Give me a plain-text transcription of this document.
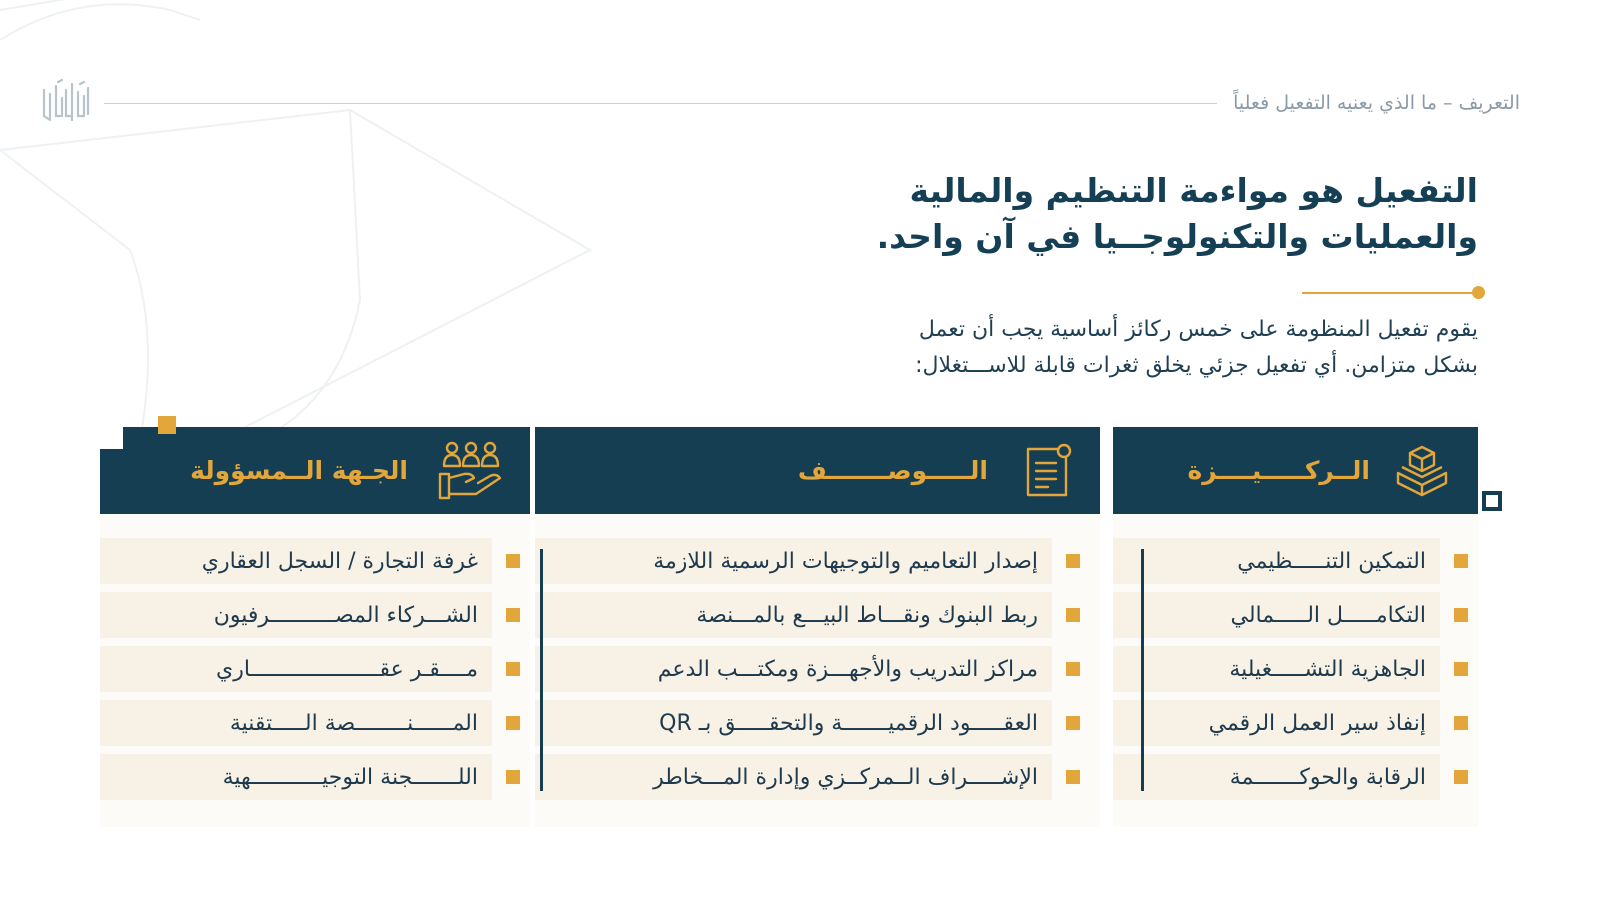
التعريف – ما الذي يعنيه التفعيل فعلياً
التفعيل هو مواءمة التنظيم والمالية
والعمليات والتكنولوجــيا في آن واحد.
يقوم تفعيل المنظومة على خمس ركائز أساسية يجب أن تعمل
بشكل متزامن. أي تفعيل جزئي يخلق ثغرات قابلة للاســـتغلال:
الــركـــــيــــزة
التمكين التنـــــظيمي
التكامـــــل الـــــمالي
الجاهزية التشـــــغيلية
إنفاذ سير العمل الرقمي
الرقابة والحوكـــــــمة
الـــــوصـــــــف
إصدار التعاميم والتوجيهات الرسمية اللازمة
ربط البنوك ونقـــاط البيـــع بالمـــنصة
مراكز التدريب والأجهـــزة ومكتـــب الدعم
العقـــــود الرقميـــــــة والتحقـــــق بـ QR
الإشـــــراف الــمركــزي وإدارة المـــخاطر
الجـهة الــمسؤولة
غرفة التجارة / السجل العقاري
الشـــركاء المصــــــــــرفيون
مــــقـر عقــــــــــــــــــــاري
المــــــنــــــــصة الـــــتقنية
اللـــــــجنة التوجيـــــــــــهية
